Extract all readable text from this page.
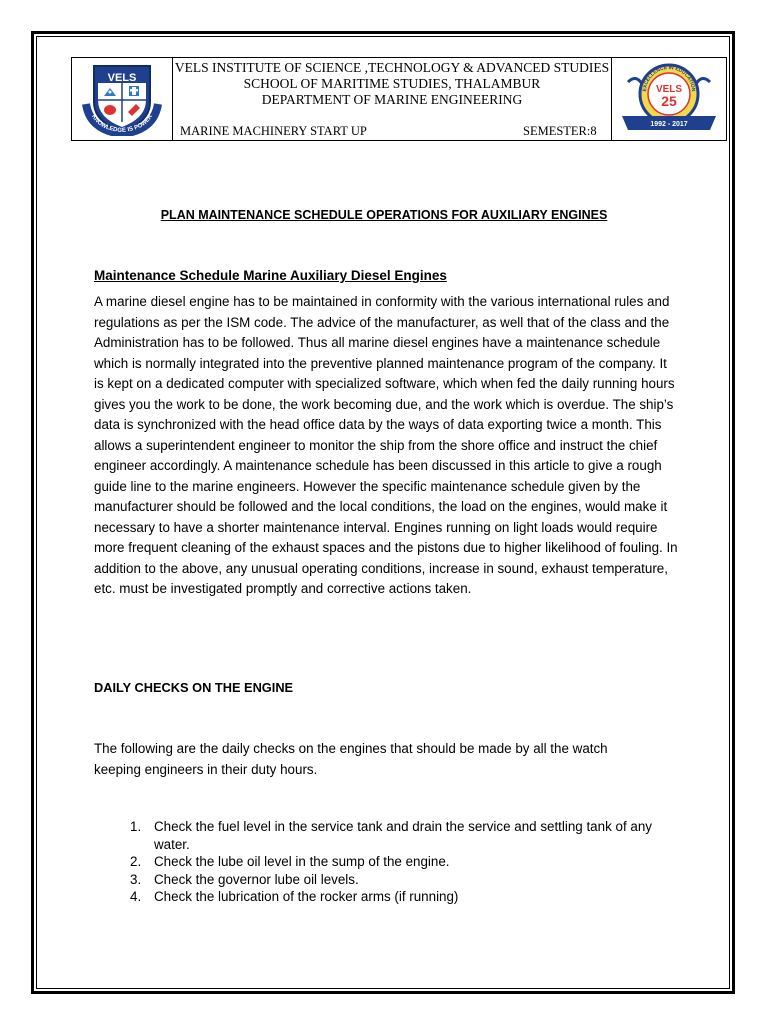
VELS
KNOWLEDGE IS POWER
VELS INSTITUTE OF SCIENCE ,TECHNOLOGY & ADVANCED STUDIES
SCHOOL OF MARITIME STUDIES, THALAMBUR
DEPARTMENT OF MARINE ENGINEERING
MARINE MACHINERY START UP	SEMESTER:8
EXCELLENCE IN EDUCATION
VELS
25
1992 - 2017
PLAN MAINTENANCE SCHEDULE OPERATIONS FOR AUXILIARY ENGINES
Maintenance Schedule Marine Auxiliary Diesel Engines

A marine diesel engine has to be maintained in conformity with the various international rules and regulations as per the ISM code. The advice of the manufacturer, as well that of the class and the Administration has to be followed. Thus all marine diesel engines have a maintenance schedule which is normally integrated into the preventive planned maintenance program of the company. It is kept on a dedicated computer with specialized software, which when fed the daily running hours gives you the work to be done, the work becoming due, and the work which is overdue. The ship’s data is synchronized with the head office data by the ways of data exporting twice a month. This allows a superintendent engineer to monitor the ship from the shore office and instruct the chief engineer accordingly. A maintenance schedule has been discussed in this article to give a rough guide line to the marine engineers. However the specific maintenance schedule given by the manufacturer should be followed and the local conditions, the load on the engines, would make it necessary to have a shorter maintenance interval. Engines running on light loads would require more frequent cleaning of the exhaust spaces and the pistons due to higher likelihood of fouling. In addition to the above, any unusual operating conditions, increase in sound, exhaust temperature, etc. must be investigated promptly and corrective actions taken.

DAILY CHECKS ON THE ENGINE

The following are the daily checks on the engines that should be made by all the watch keeping engineers in their duty hours.

1. Check the fuel level in the service tank and drain the service and settling tank of any water.
2. Check the lube oil level in the sump of the engine.
3. Check the governor lube oil levels.
4. Check the lubrication of the rocker arms (if running)
